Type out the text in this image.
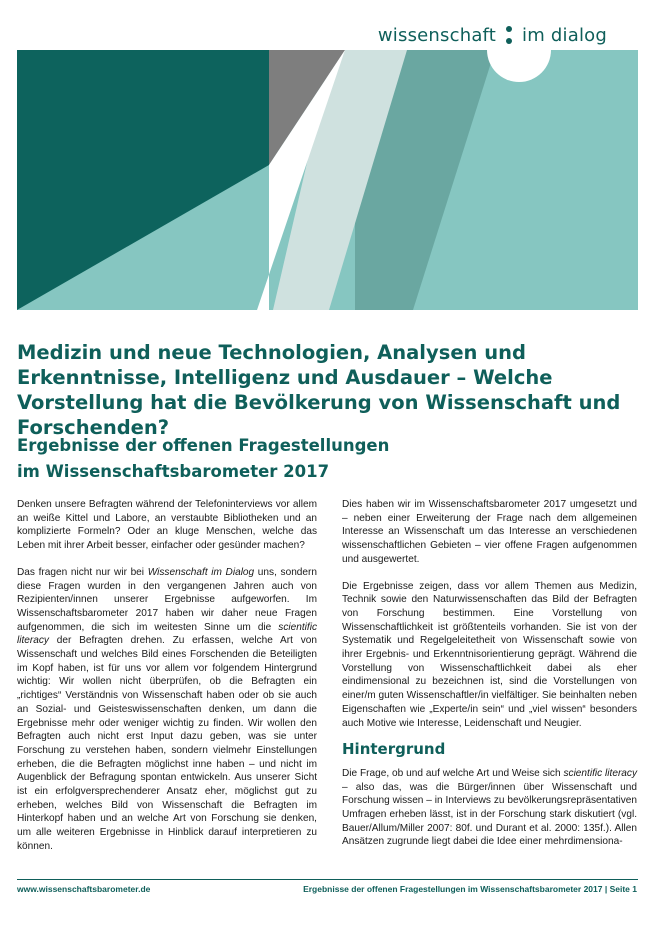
wissenschaft im dialog
Medizin und neue Technologien, Analysen und Erkenntnisse, Intelligenz und Ausdauer – Welche Vorstellung hat die Bevölkerung von Wissenschaft und Forschenden?
Ergebnisse der offenen Fragestellungen
im Wissenschaftsbarometer 2017

Denken unsere Befragten während der Telefoninterviews vor allem an weiße Kittel und Labore, an verstaubte Bibliotheken und an komplizierte Formeln? Oder an kluge Menschen, welche das Leben mit ihrer Arbeit besser, einfacher oder gesünder machen?

Das fragen nicht nur wir bei Wissenschaft im Dialog uns, sondern diese Fragen wurden in den vergangenen Jahren auch von Rezipienten/innen unserer Ergebnisse aufgeworfen. Im Wissenschaftsbarometer 2017 haben wir daher neue Fragen aufgenommen, die sich im weitesten Sinne um die scientific literacy der Befragten drehen. Zu erfassen, welche Art von Wissenschaft und welches Bild eines Forschenden die Beteiligten im Kopf haben, ist für uns vor allem vor folgendem Hintergrund wichtig: Wir wollen nicht überprüfen, ob die Befragten ein „richtiges“ Verständnis von Wissenschaft haben oder ob sie auch an Sozial- und Geisteswissenschaften denken, um dann die Ergebnisse mehr oder weniger wichtig zu finden. Wir wollen den Befragten auch nicht erst Input dazu geben, was sie unter Forschung zu verstehen haben, sondern vielmehr Einstellungen erheben, die die Befragten möglichst inne haben – und nicht im Augenblick der Befragung spontan entwickeln. Aus unserer Sicht ist ein erfolgversprechenderer Ansatz eher, möglichst gut zu erheben, welches Bild von Wissenschaft die Befragten im Hinterkopf haben und an welche Art von Forschung sie denken, um alle weiteren Ergebnisse in Hinblick darauf interpretieren zu können.

Dies haben wir im Wissenschaftsbarometer 2017 umgesetzt und – neben einer Erweiterung der Frage nach dem allgemeinen Interesse an Wissenschaft um das Interesse an verschiedenen wissenschaftlichen Gebieten – vier offene Fragen aufgenommen und ausgewertet.

Die Ergebnisse zeigen, dass vor allem Themen aus Medizin, Technik sowie den Naturwissenschaften das Bild der Befragten von Forschung bestimmen. Eine Vorstellung von Wissenschaftlichkeit ist größtenteils vorhanden. Sie ist von der Systematik und Regelgeleitetheit von Wissenschaft sowie von ihrer Ergebnis- und Erkenntnisorientierung geprägt. Während die Vorstellung von Wissenschaftlichkeit dabei als eher eindimensional zu bezeichnen ist, sind die Vorstellungen von einer/m guten Wissenschaftler/in vielfältiger. Sie beinhalten neben Eigenschaften wie „Experte/in sein“ und „viel wissen“ besonders auch Motive wie Interesse, Leidenschaft und Neugier.

Hintergrund

Die Frage, ob und auf welche Art und Weise sich scientific literacy – also das, was die Bürger/innen über Wissenschaft und Forschung wissen – in Interviews zu bevölkerungsrepräsentativen Umfragen erheben lässt, ist in der Forschung stark diskutiert (vgl. Bauer/Allum/Miller 2007: 80f. und Durant et al. 2000: 135f.). Allen Ansätzen zugrunde liegt dabei die Idee einer mehrdimensiona-

www.wissenschaftsbarometer.de	Ergebnisse der offenen Fragestellungen im Wissenschaftsbarometer 2017 | Seite 1
